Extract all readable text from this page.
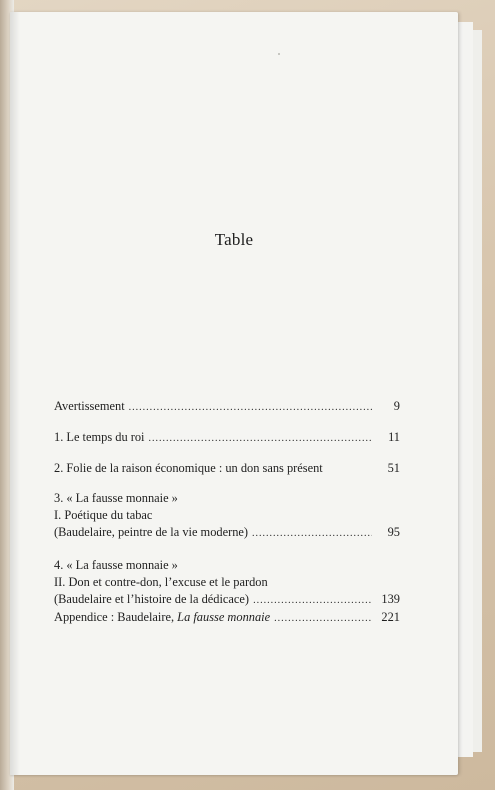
Table
Avertissement .....	9
1. Le temps du roi .....	11
2. Folie de la raison économique : un don sans présent	51
3. « La fausse monnaie »
I. Poétique du tabac
(Baudelaire, peintre de la vie moderne) .....	95
4. « La fausse monnaie »
II. Don et contre-don, l’excuse et le pardon
(Baudelaire et l’histoire de la dédicace) .....	139
Appendice : Baudelaire, La fausse monnaie .....	221
